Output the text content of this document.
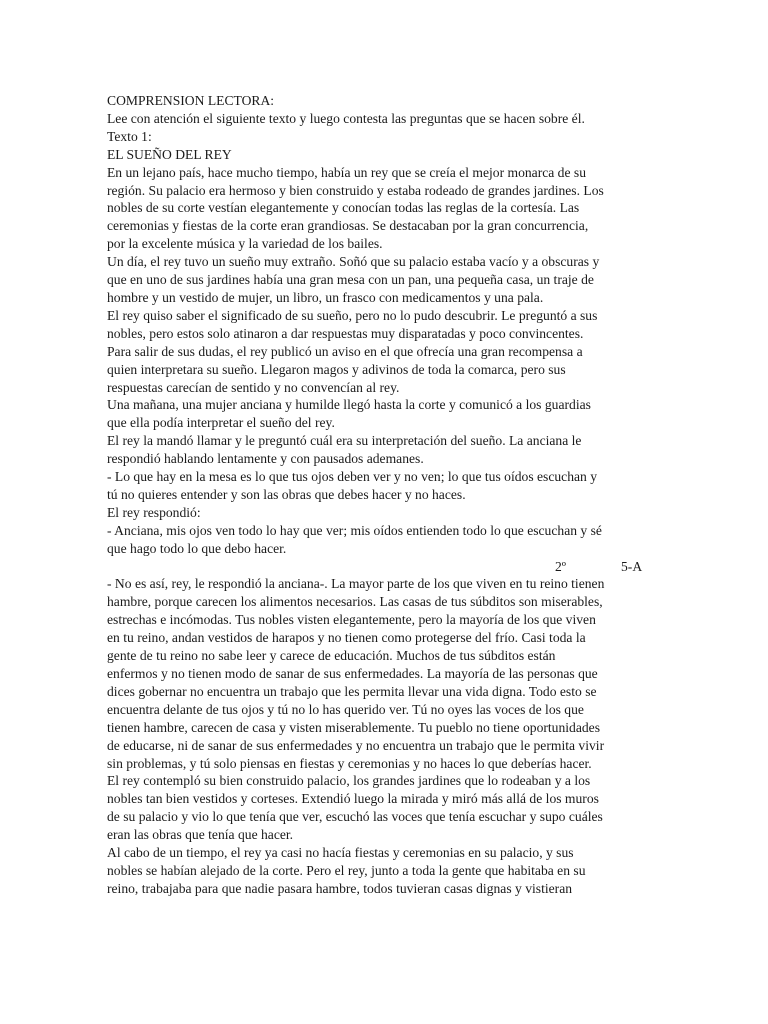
COMPRENSION LECTORA:
Lee con atención el siguiente texto y luego contesta las preguntas que se hacen sobre él.
Texto 1:
EL SUEÑO DEL REY
En un lejano país, hace mucho tiempo, había un rey que se creía el mejor monarca de su
región. Su palacio era hermoso y bien construido y estaba rodeado de grandes jardines. Los
nobles de su corte vestían elegantemente y conocían todas las reglas de la cortesía. Las
ceremonias y fiestas de la corte eran grandiosas. Se destacaban por la gran concurrencia,
por la excelente música y la variedad de los bailes.
Un día, el rey tuvo un sueño muy extraño. Soñó que su palacio estaba vacío y a obscuras y
que en uno de sus jardines había una gran mesa con un pan, una pequeña casa, un traje de
hombre y un vestido de mujer, un libro, un frasco con medicamentos y una pala.
El rey quiso saber el significado de su sueño, pero no lo pudo descubrir. Le preguntó a sus
nobles, pero estos solo atinaron a dar respuestas muy disparatadas y poco convincentes.
Para salir de sus dudas, el rey publicó un aviso en el que ofrecía una gran recompensa a
quien interpretara su sueño. Llegaron magos y adivinos de toda la comarca, pero sus
respuestas carecían de sentido y no convencían al rey.
Una mañana, una mujer anciana y humilde llegó hasta la corte y comunicó a los guardias
que ella podía interpretar el sueño del rey.
El rey la mandó llamar y le preguntó cuál era su interpretación del sueño. La anciana le
respondió hablando lentamente y con pausados ademanes.
- Lo que hay en la mesa es lo que tus ojos deben ver y no ven; lo que tus oídos escuchan y
tú no quieres entender y son las obras que debes hacer y no haces.
El rey respondió:
- Anciana, mis ojos ven todo lo hay que ver; mis oídos entienden todo lo que escuchan y sé
que hago todo lo que debo hacer.
2º	5-A
- No es así, rey, le respondió la anciana-. La mayor parte de los que viven en tu reino tienen
hambre, porque carecen los alimentos necesarios. Las casas de tus súbditos son miserables,
estrechas e incómodas. Tus nobles visten elegantemente, pero la mayoría de los que viven
en tu reino, andan vestidos de harapos y no tienen como protegerse del frío. Casi toda la
gente de tu reino no sabe leer y carece de educación. Muchos de tus súbditos están
enfermos y no tienen modo de sanar de sus enfermedades. La mayoría de las personas que
dices gobernar no encuentra un trabajo que les permita llevar una vida digna. Todo esto se
encuentra delante de tus ojos y tú no lo has querido ver. Tú no oyes las voces de los que
tienen hambre, carecen de casa y visten miserablemente. Tu pueblo no tiene oportunidades
de educarse, ni de sanar de sus enfermedades y no encuentra un trabajo que le permita vivir
sin problemas, y tú solo piensas en fiestas y ceremonias y no haces lo que deberías hacer.
El rey contempló su bien construido palacio, los grandes jardines que lo rodeaban y a los
nobles tan bien vestidos y corteses. Extendió luego la mirada y miró más allá de los muros
de su palacio y vio lo que tenía que ver, escuchó las voces que tenía escuchar y supo cuáles
eran las obras que tenía que hacer.
Al cabo de un tiempo, el rey ya casi no hacía fiestas y ceremonias en su palacio, y sus
nobles se habían alejado de la corte. Pero el rey, junto a toda la gente que habitaba en su
reino, trabajaba para que nadie pasara hambre, todos tuvieran casas dignas y vistieran
